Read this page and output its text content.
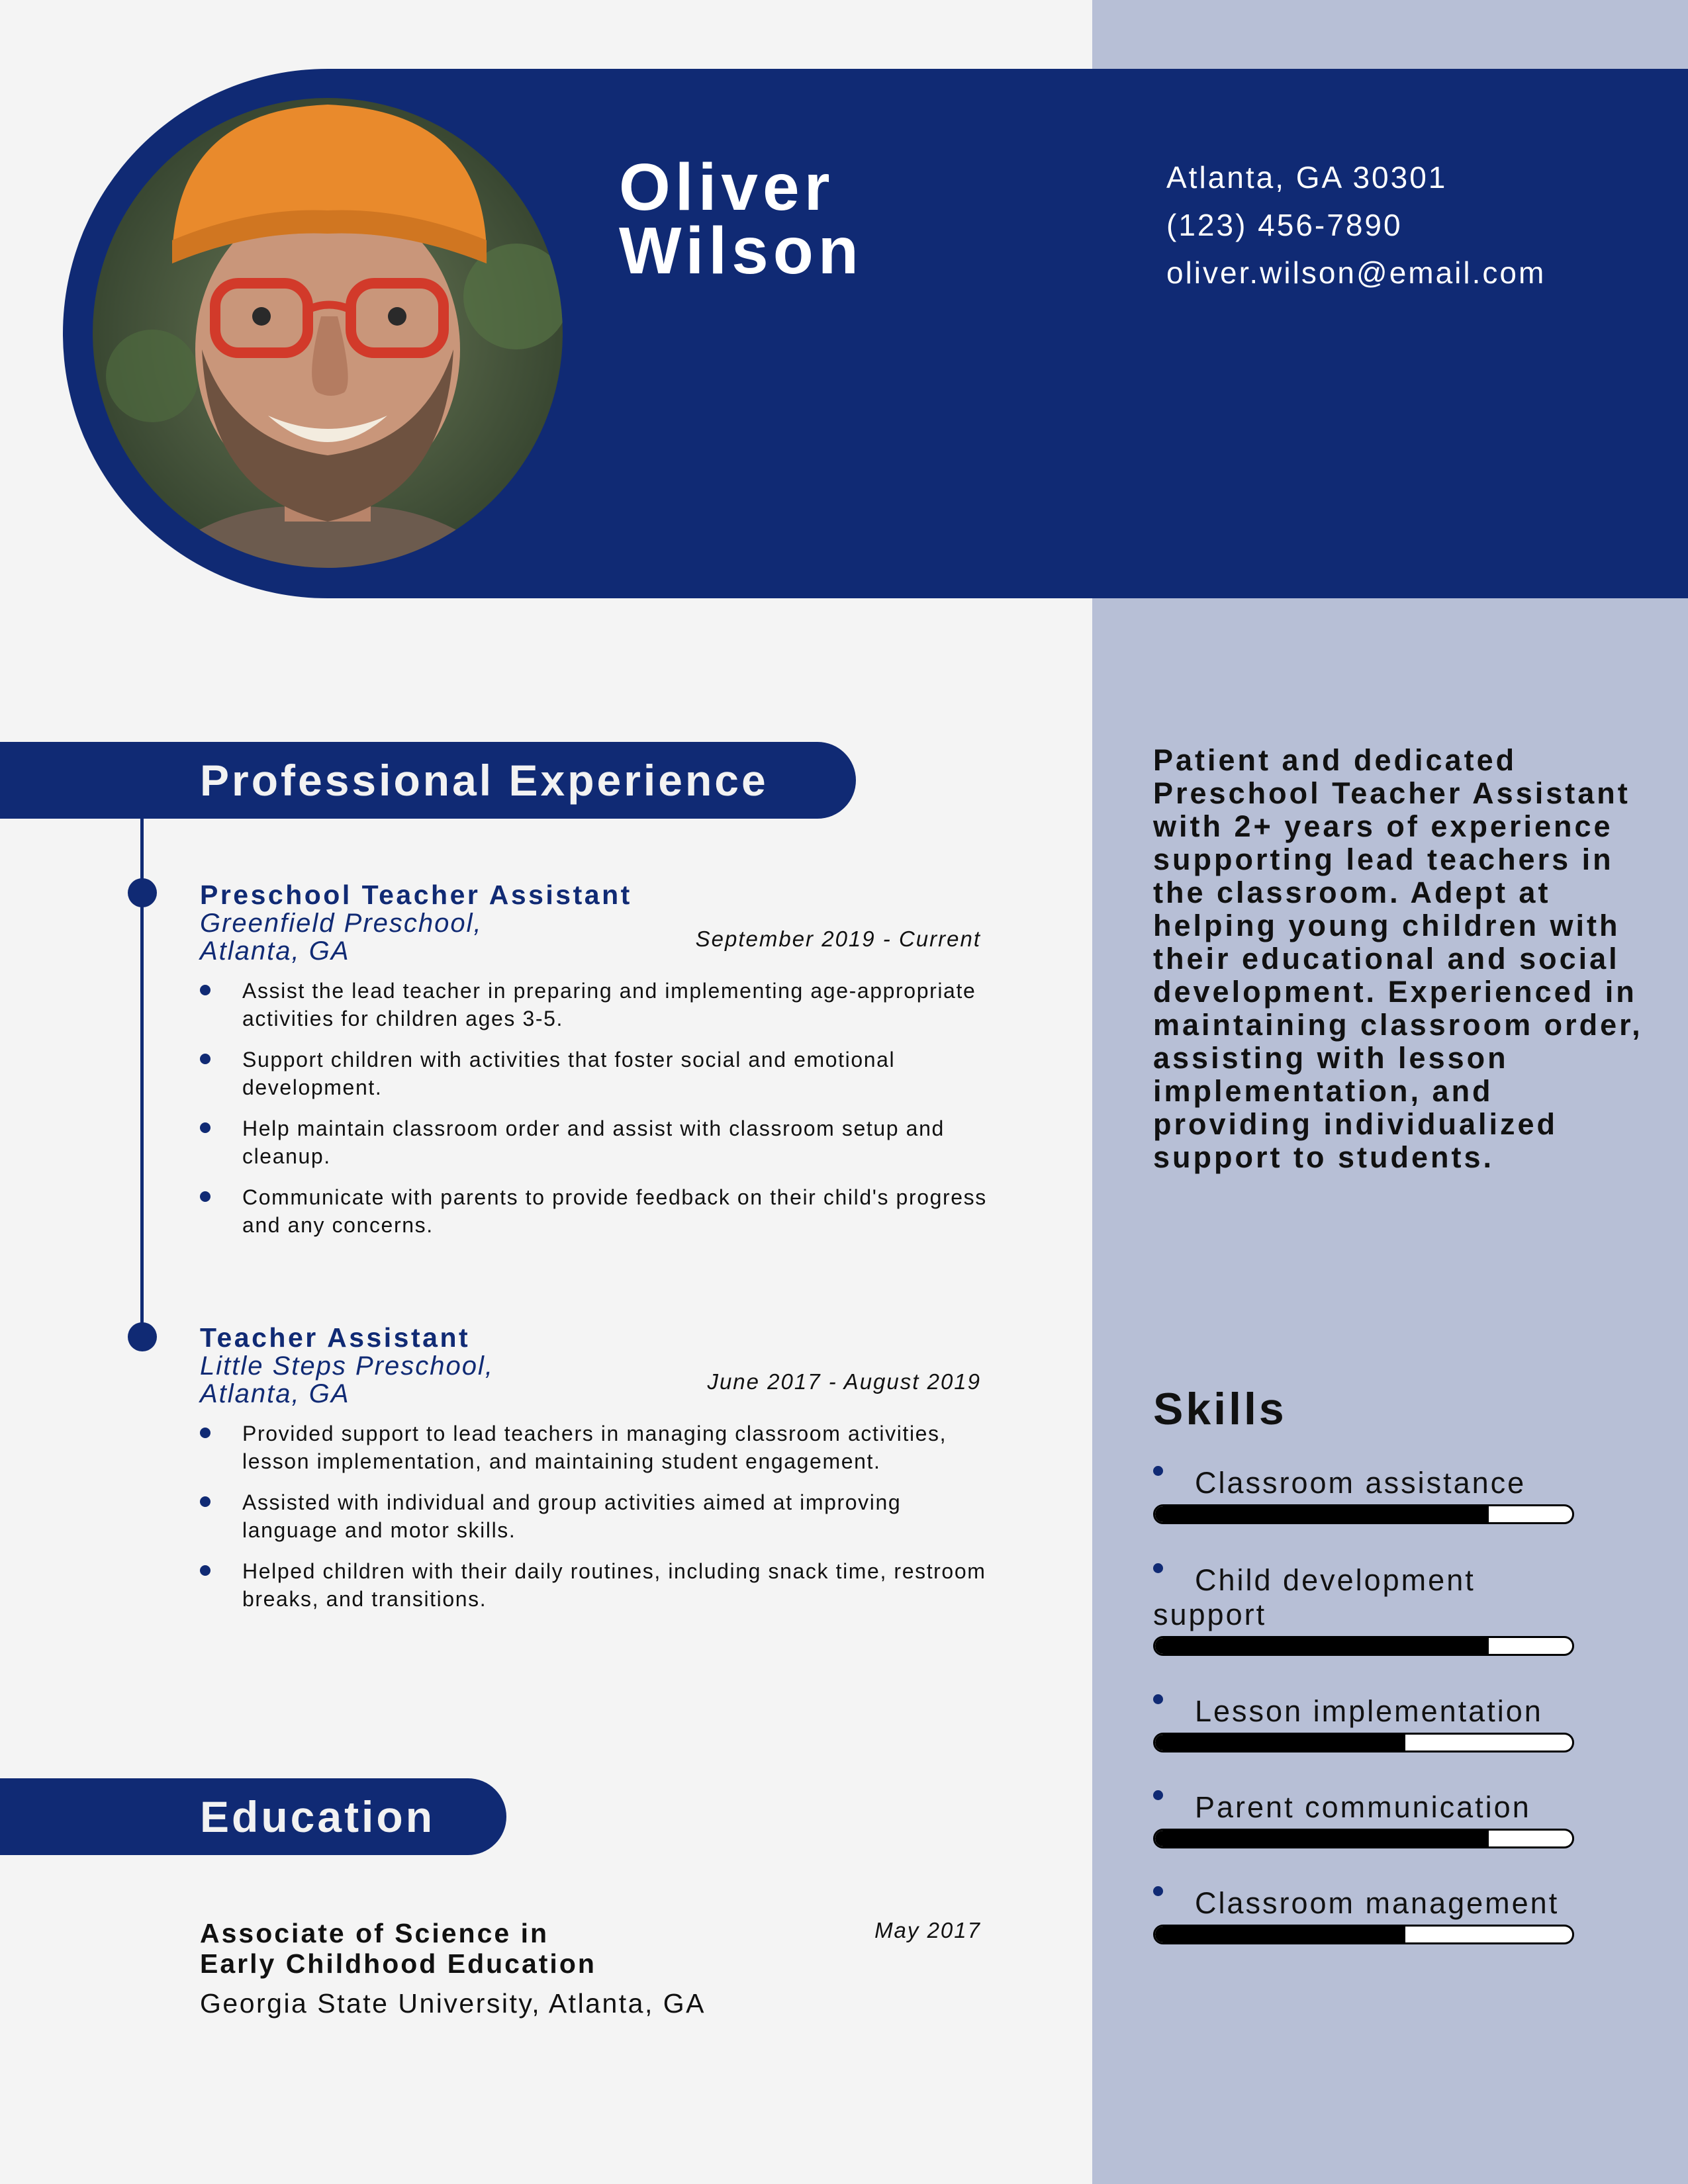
Oliver
Wilson
Atlanta, GA 30301
(123) 456-7890
oliver.wilson@email.com
Professional Experience
Preschool Teacher Assistant
Greenfield Preschool,
Atlanta, GA	September 2019 - Current
Assist the lead teacher in preparing and implementing age-appropriate activities for children ages 3-5.
Support children with activities that foster social and emotional development.
Help maintain classroom order and assist with classroom setup and cleanup.
Communicate with parents to provide feedback on their child's progress and any concerns.
Teacher Assistant
Little Steps Preschool,
Atlanta, GA	June 2017 - August 2019
Provided support to lead teachers in managing classroom activities, lesson implementation, and maintaining student engagement.
Assisted with individual and group activities aimed at improving language and motor skills.
Helped children with their daily routines, including snack time, restroom breaks, and transitions.
Education
Associate of Science in Early Childhood Education
May 2017
Georgia State University, Atlanta, GA
Patient and dedicated Preschool Teacher Assistant with 2+ years of experience supporting lead teachers in the classroom. Adept at helping young children with their educational and social development. Experienced in maintaining classroom order, assisting with lesson implementation, and providing individualized support to students.
Skills
Classroom assistance
Child development support
Lesson implementation
Parent communication
Classroom management
